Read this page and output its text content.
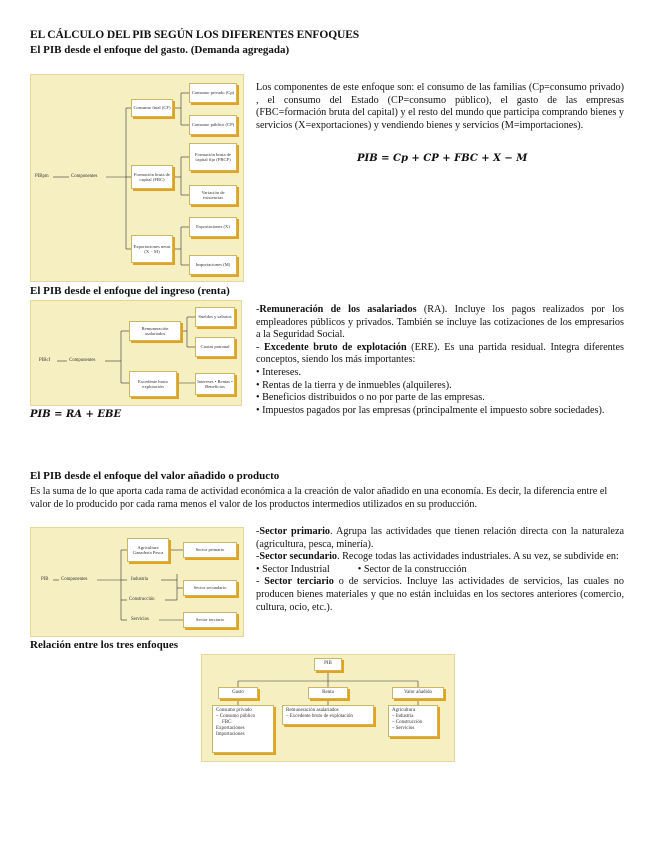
EL CÁLCULO DEL PIB SEGÚN LOS DIFERENTES ENFOQUES
El PIB desde el enfoque del gasto. (Demanda agregada)
PIBpm	Componentes
Consumo final (CF)
Consumo privado (Cp)
Consumo público (CP)
Formación bruta de capital (FBC)
Formación bruta de capital fijo (FBCF)
Variación de existencias
Exportaciones netas (X − M)
Exportaciones (X)
Importaciones (M)
Los componentes de este enfoque son: el consumo de las familias (Cp=consumo privado) , el consumo del Estado (CP=consumo público), el gasto de las empresas (FBC=formación bruta del capital) y el resto del mundo que participa comprando bienes y servicios (X=exportaciones) y vendiendo bienes y servicios (M=importaciones).
PIB = Cp + CP + FBC + X − M
El PIB desde el enfoque del ingreso (renta)
PIBcf	Componentes
Remuneración asalariados
Sueldos y salarios
Cuotas patronal
Excedente bruto explotación
Intereses • Rentas • Beneficios
PIB = RA + EBE
-Remuneración de los asalariados (RA). Incluye los pagos realizados por los empleadores públicos y privados. También se incluye las cotizaciones de los empresarios a la Seguridad Social.
- Excedente bruto de explotación (ERE). Es una partida residual. Integra diferentes conceptos, siendo los más importantes:
• Intereses.
• Rentas de la tierra y de inmuebles (alquileres).
• Beneficios distribuidos o no por parte de las empresas.
• Impuestos pagados por las empresas (principalmente el impuesto sobre sociedades).
El PIB desde el enfoque del valor añadido o producto
Es la suma de lo que aporta cada rama de actividad económica a la creación de valor añadido en una economía. Es decir, la diferencia entre el valor de lo producido por cada rama menos el valor de los productos intermedios utilizados en su producción.
PIB	Componentes
Agricultura Ganadería Pesca
Sector primario
Industria
Construcción
Sector secundario
Servicios	Sector terciario
-Sector primario. Agrupa las actividades que tienen relación directa con la naturaleza (agricultura, pesca, minería).
-Sector secundario. Recoge todas las actividades industriales. A su vez, se subdivide en:
• Sector Industrial	• Sector de la construcción
- Sector terciario o de servicios. Incluye las actividades de servicios, las cuales no producen bienes materiales y que no están incluidas en los sectores anteriores (comercio, cultura, ocio, etc.).
Relación entre los tres enfoques
PIB
Gasto	Renta	Valor añadido
Consumo privado
– Consumo público
FBC
Exportaciones
Importaciones
Remuneración asalariados
– Excedente bruto de explotación
Agricultura
– Industria
– Construcción
– Servicios
